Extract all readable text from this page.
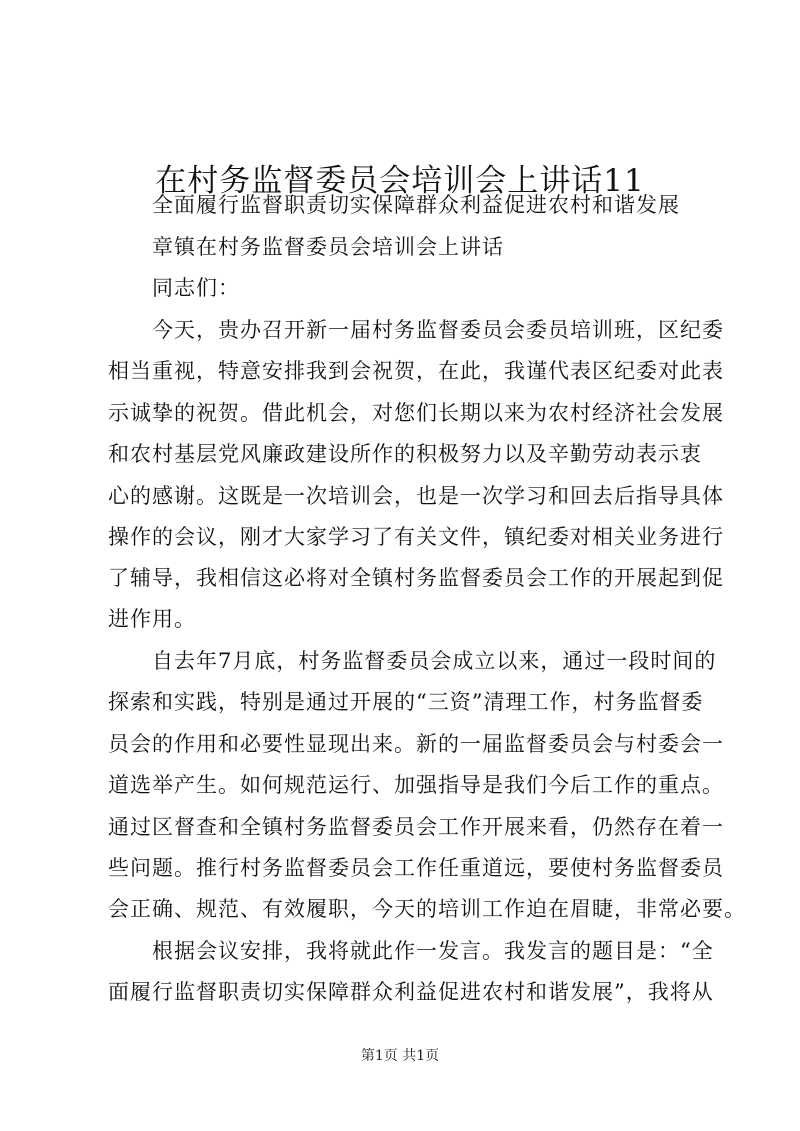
在村务监督委员会培训会上讲话11
全面履行监督职责切实保障群众利益促进农村和谐发展
章镇在村务监督委员会培训会上讲话
同志们：
今天，贵办召开新一届村务监督委员会委员培训班，区纪委
相当重视，特意安排我到会祝贺，在此，我谨代表区纪委对此表
示诚挚的祝贺。借此机会，对您们长期以来为农村经济社会发展
和农村基层党风廉政建设所作的积极努力以及辛勤劳动表示衷
心的感谢。这既是一次培训会，也是一次学习和回去后指导具体
操作的会议，刚才大家学习了有关文件，镇纪委对相关业务进行
了辅导，我相信这必将对全镇村务监督委员会工作的开展起到促
进作用。
自去年7月底，村务监督委员会成立以来，通过一段时间的
探索和实践，特别是通过开展的“三资”清理工作，村务监督委
员会的作用和必要性显现出来。新的一届监督委员会与村委会一
道选举产生。如何规范运行、加强指导是我们今后工作的重点。
通过区督查和全镇村务监督委员会工作开展来看，仍然存在着一
些问题。推行村务监督委员会工作任重道远，要使村务监督委员
会正确、规范、有效履职，今天的培训工作迫在眉睫，非常必要。
根据会议安排，我将就此作一发言。我发言的题目是：“全
面履行监督职责切实保障群众利益促进农村和谐发展”，我将从
第1页 共1页
